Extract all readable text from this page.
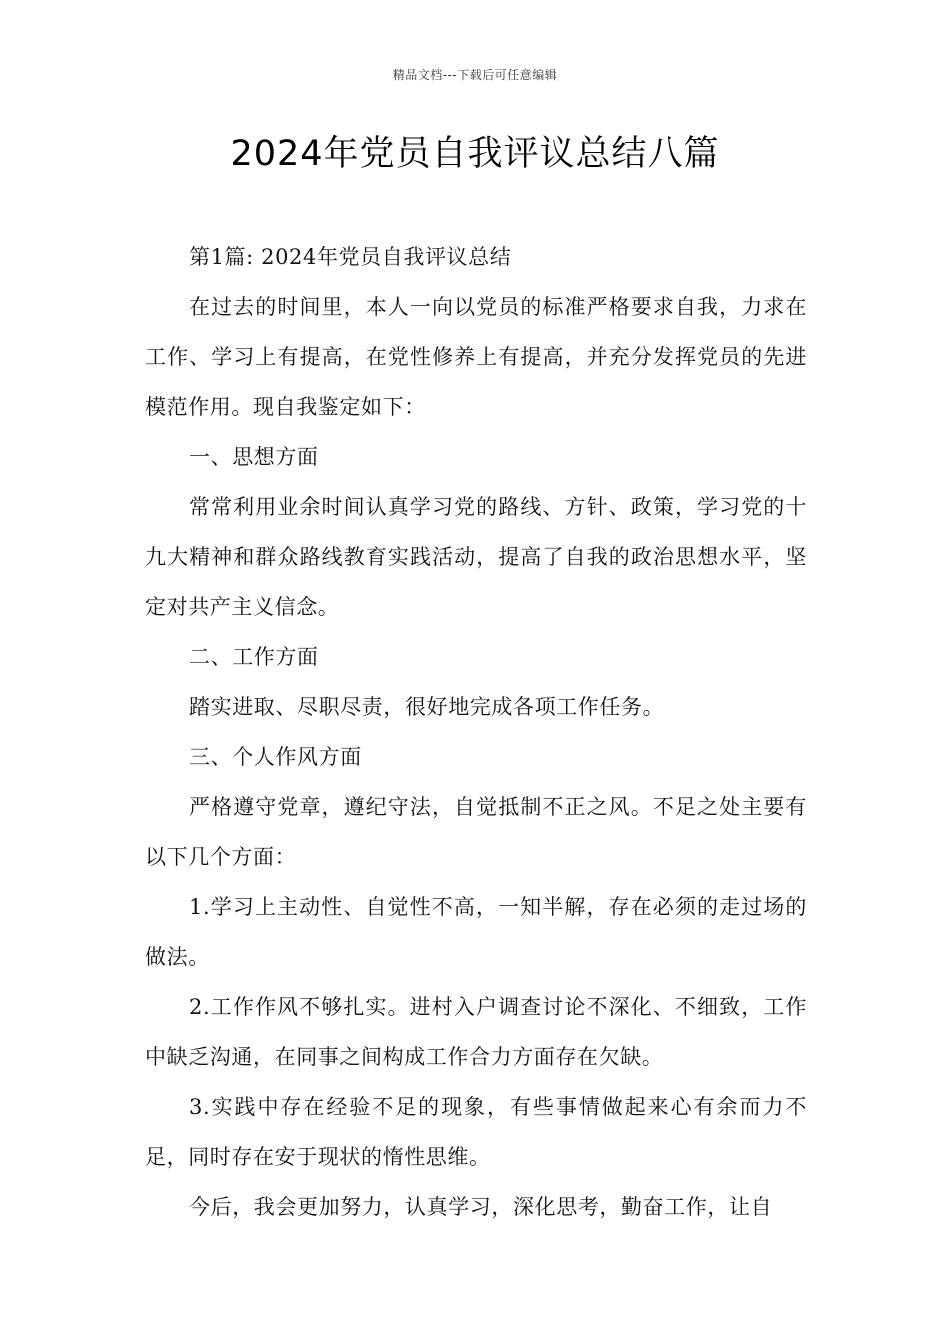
精品文档---下载后可任意编辑
2024年党员自我评议总结八篇

第1篇: 2024年党员自我评议总结

在过去的时间里，本人一向以党员的标准严格要求自我，力求在工作、学习上有提高，在党性修养上有提高，并充分发挥党员的先进模范作用。现自我鉴定如下：

一、思想方面

常常利用业余时间认真学习党的路线、方针、政策，学习党的十九大精神和群众路线教育实践活动，提高了自我的政治思想水平，坚定对共产主义信念。

二、工作方面

踏实进取、尽职尽责，很好地完成各项工作任务。

三、个人作风方面

严格遵守党章，遵纪守法，自觉抵制不正之风。不足之处主要有以下几个方面：

1.学习上主动性、自觉性不高，一知半解，存在必须的走过场的做法。

2.工作作风不够扎实。进村入户调查讨论不深化、不细致，工作中缺乏沟通，在同事之间构成工作合力方面存在欠缺。

3.实践中存在经验不足的现象，有些事情做起来心有余而力不足，同时存在安于现状的惰性思维。

今后，我会更加努力，认真学习，深化思考，勤奋工作，让自
